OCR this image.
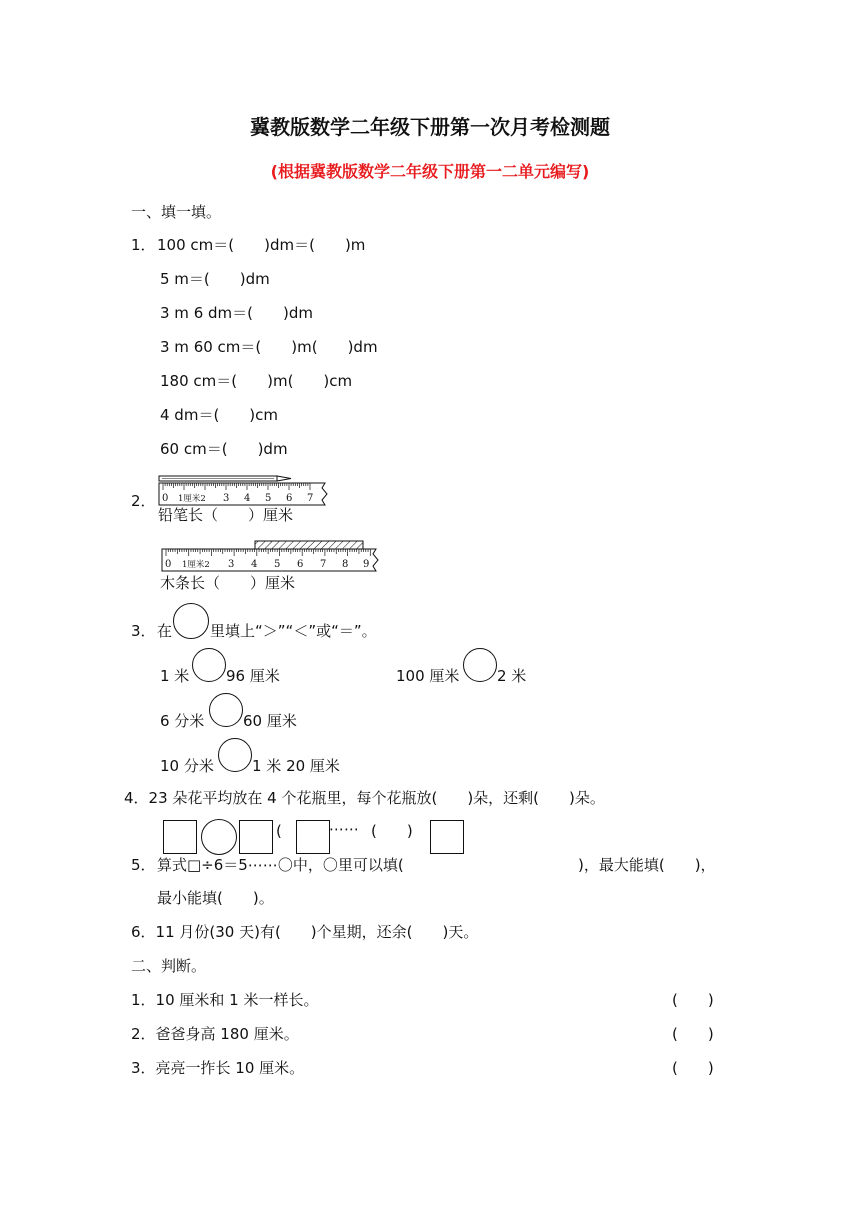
冀教版数学二年级下册第一次月考检测题
(根据冀教版数学二年级下册第一二单元编写)
一、填一填。
1． 100 cm＝(　　)dm＝(　　)m
5 m＝(　　)dm
3 m 6 dm＝(　　)dm
3 m 60 cm＝(　　)m(　　)dm
180 cm＝(　　)m(　　)cm
4 dm＝(　　)cm
60 cm＝(　　)dm
2． 0 1厘米2 3 4 5 6 7
铅笔长（　　）厘米
0 1厘米2 3 4 5 6 7 8 9
木条长（　　）厘米
3． 在	里填上“＞”“＜”或“＝”。
1 米 96 厘米	100 厘米	2 米
6 分米	60 厘米
10 分米	1 米 20 厘米
4．23 朵花平均放在 4 个花瓶里，每个花瓶放(　　)朵，还剩(　　)朵。
(	⋯⋯ (　　)
5． 算式□÷6＝5⋯⋯〇中，〇里可以填(	)，最大能填(　　)，
最小能填(　　)。
6．11 月份(30 天)有(　　)个星期，还余(　　)天。
二、判断。
1．10 厘米和 1 米一样长。	(　　)
2．爸爸身高 180 厘米。	(　　)
3．亮亮一拃长 10 厘米。	(　　)
